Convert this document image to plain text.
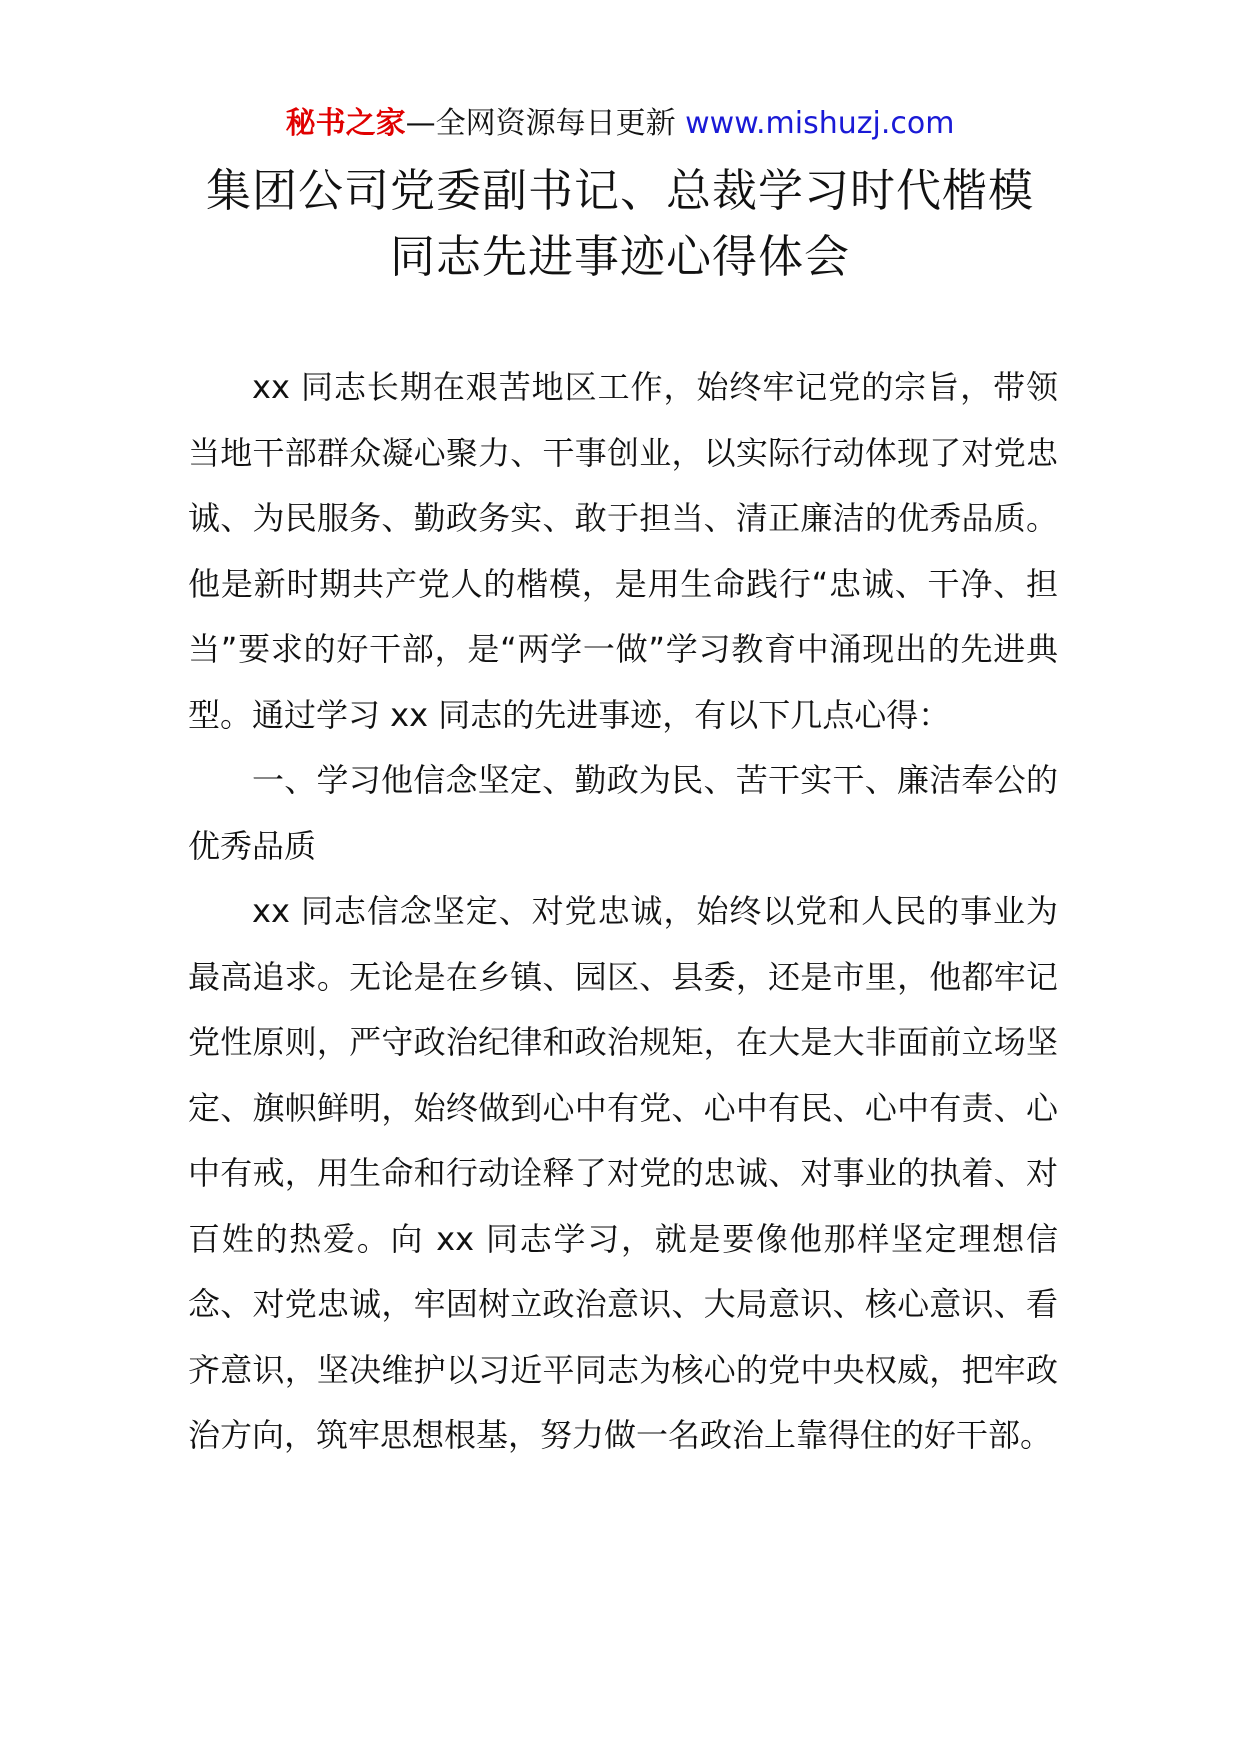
秘书之家—全网资源每日更新 www.mishuzj.com
集团公司党委副书记、总裁学习时代楷模
同志先进事迹心得体会

xx 同志长期在艰苦地区工作，始终牢记党的宗旨，带领当地干部群众凝心聚力、干事创业，以实际行动体现了对党忠诚、为民服务、勤政务实、敢于担当、清正廉洁的优秀品质。他是新时期共产党人的楷模，是用生命践行“忠诚、干净、担当”要求的好干部，是“两学一做”学习教育中涌现出的先进典型。通过学习 xx 同志的先进事迹，有以下几点心得：

一、学习他信念坚定、勤政为民、苦干实干、廉洁奉公的优秀品质

xx 同志信念坚定、对党忠诚，始终以党和人民的事业为最高追求。无论是在乡镇、园区、县委，还是市里，他都牢记党性原则，严守政治纪律和政治规矩，在大是大非面前立场坚定、旗帜鲜明，始终做到心中有党、心中有民、心中有责、心中有戒，用生命和行动诠释了对党的忠诚、对事业的执着、对百姓的热爱。向 xx 同志学习，就是要像他那样坚定理想信念、对党忠诚，牢固树立政治意识、大局意识、核心意识、看齐意识，坚决维护以习近平同志为核心的党中央权威，把牢政治方向，筑牢思想根基，努力做一名政治上靠得住的好干部。
